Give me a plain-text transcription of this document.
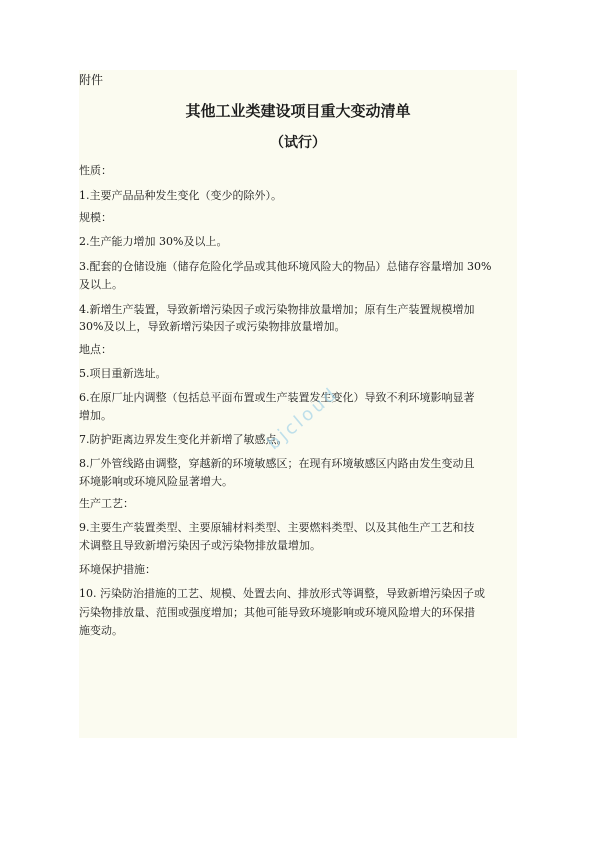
附件
其他工业类建设项目重大变动清单
（试行）
性质：
1.主要产品品种发生变化（变少的除外）。
规模：
2.生产能力增加 30%及以上。
3.配套的仓储设施（储存危险化学品或其他环境风险大的物品）总储存容量增加 30%
及以上。
4.新增生产装置，导致新增污染因子或污染物排放量增加；原有生产装置规模增加
30%及以上，导致新增污染因子或污染物排放量增加。
地点：
5.项目重新选址。
6.在原厂址内调整（包括总平面布置或生产装置发生变化）导致不利环境影响显著
增加。
7.防护距离边界发生变化并新增了敏感点。
8.厂外管线路由调整，穿越新的环境敏感区；在现有环境敏感区内路由发生变动且
环境影响或环境风险显著增大。
生产工艺：
9.主要生产装置类型、主要原辅材料类型、主要燃料类型、以及其他生产工艺和技
术调整且导致新增污染因子或污染物排放量增加。
环境保护措施：
10. 污染防治措施的工艺、规模、处置去向、排放形式等调整，导致新增污染因子或
污染物排放量、范围或强度增加；其他可能导致环境影响或环境风险增大的环保措
施变动。
bjcloud
